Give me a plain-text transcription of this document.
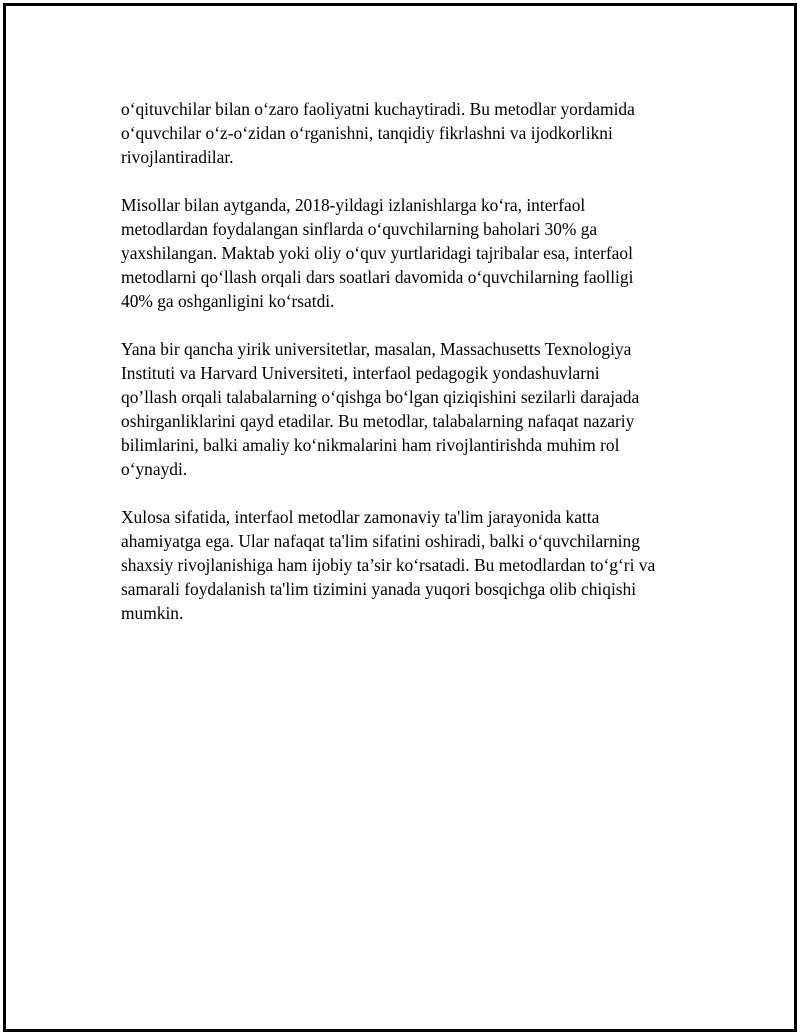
oʻqituvchilar bilan oʻzaro faoliyatni kuchaytiradi. Bu metodlar yordamida
oʻquvchilar oʻz-oʻzidan oʻrganishni, tanqidiy fikrlashni va ijodkorlikni
rivojlantiradilar.

Misollar bilan aytganda, 2018-yildagi izlanishlarga koʻra, interfaol
metodlardan foydalangan sinflarda oʻquvchilarning baholari 30% ga
yaxshilangan. Maktab yoki oliy oʻquv yurtlaridagi tajribalar esa, interfaol
metodlarni qoʻllash orqali dars soatlari davomida oʻquvchilarning faolligi
40% ga oshganligini koʻrsatdi.

Yana bir qancha yirik universitetlar, masalan, Massachusetts Texnologiya
Instituti va Harvard Universiteti, interfaol pedagogik yondashuvlarni
qo’llash orqali talabalarning oʻqishga boʻlgan qiziqishini sezilarli darajada
oshirganliklarini qayd etadilar. Bu metodlar, talabalarning nafaqat nazariy
bilimlarini, balki amaliy koʻnikmalarini ham rivojlantirishda muhim rol
oʻynaydi.

Xulosa sifatida, interfaol metodlar zamonaviy ta'lim jarayonida katta
ahamiyatga ega. Ular nafaqat ta'lim sifatini oshiradi, balki oʻquvchilarning
shaxsiy rivojlanishiga ham ijobiy ta’sir koʻrsatadi. Bu metodlardan toʻgʻri va
samarali foydalanish ta'lim tizimini yanada yuqori bosqichga olib chiqishi
mumkin.
